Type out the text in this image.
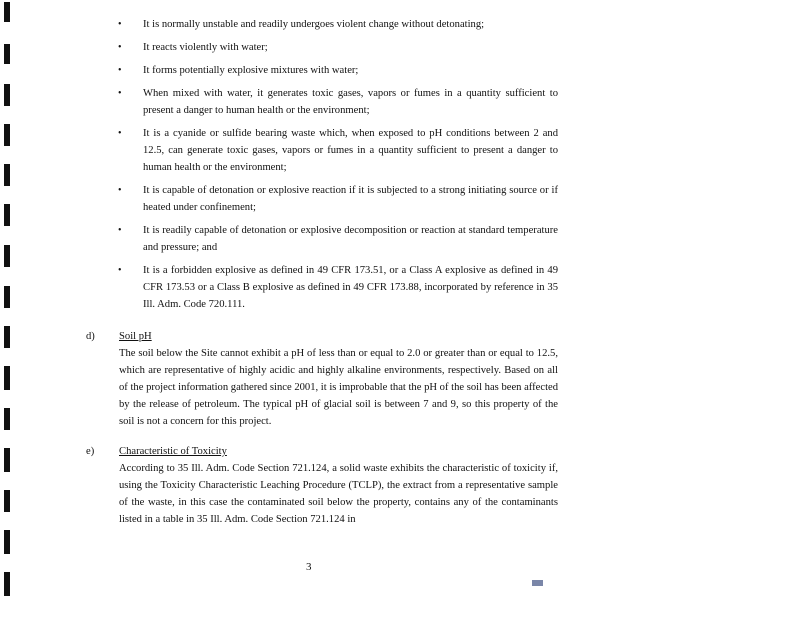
• It is normally unstable and readily undergoes violent change without detonating;
• It reacts violently with water;
• It forms potentially explosive mixtures with water;
• When mixed with water, it generates toxic gases, vapors or fumes in a quantity sufficient to present a danger to human health or the environment;
• It is a cyanide or sulfide bearing waste which, when exposed to pH conditions between 2 and 12.5, can generate toxic gases, vapors or fumes in a quantity sufficient to present a danger to human health or the environment;
• It is capable of detonation or explosive reaction if it is subjected to a strong initiating source or if heated under confinement;
• It is readily capable of detonation or explosive decomposition or reaction at standard temperature and pressure; and
• It is a forbidden explosive as defined in 49 CFR 173.51, or a Class A explosive as defined in 49 CFR 173.53 or a Class B explosive as defined in 49 CFR 173.88, incorporated by reference in 35 Ill. Adm. Code 720.111.
d) Soil pH
The soil below the Site cannot exhibit a pH of less than or equal to 2.0 or greater than or equal to 12.5, which are representative of highly acidic and highly alkaline environments, respectively. Based on all of the project information gathered since 2001, it is improbable that the pH of the soil has been affected by the release of petroleum. The typical pH of glacial soil is between 7 and 9, so this property of the soil is not a concern for this project.
e) Characteristic of Toxicity
According to 35 Ill. Adm. Code Section 721.124, a solid waste exhibits the characteristic of toxicity if, using the Toxicity Characteristic Leaching Procedure (TCLP), the extract from a representative sample of the waste, in this case the contaminated soil below the property, contains any of the contaminants listed in a table in 35 Ill. Adm. Code Section 721.124 in
3
